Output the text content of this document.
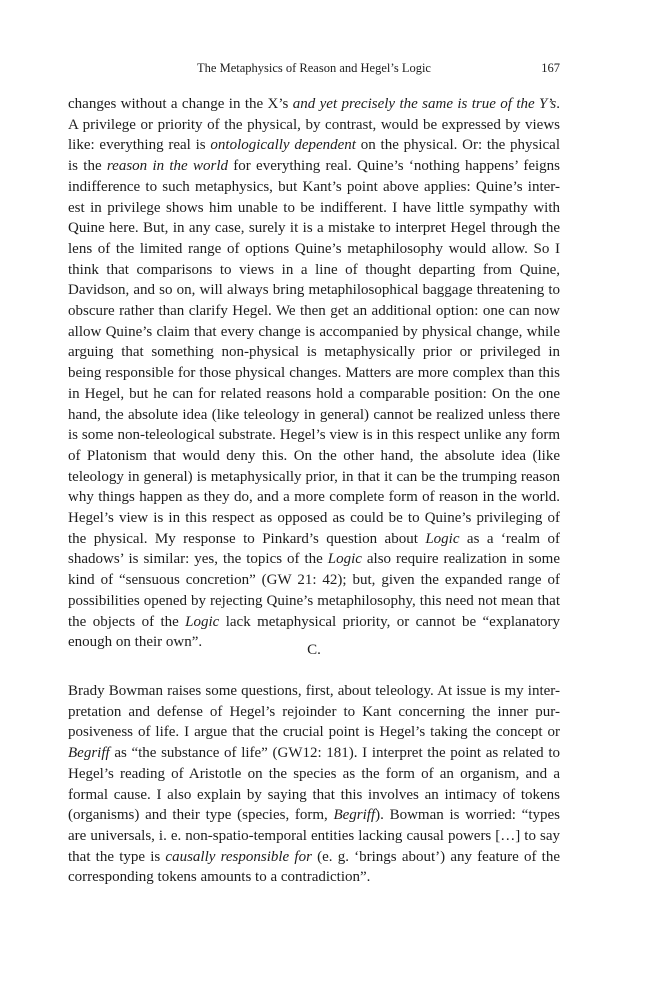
The Metaphysics of Reason and Hegel’s Logic	167

changes without a change in the X’s and yet precisely the same is true of the Y’s. A privilege or priority of the physical, by contrast, would be expressed by views like: everything real is ontologically dependent on the physical. Or: the physical is the reason in the world for everything real. Quine’s ‘nothing happens’ feigns indifference to such metaphysics, but Kant’s point above applies: Quine’s inter-est in privilege shows him unable to be indifferent. I have little sympathy with Quine here. But, in any case, surely it is a mistake to interpret Hegel through the lens of the limited range of options Quine’s metaphilosophy would allow. So I think that comparisons to views in a line of thought departing from Quine, Davidson, and so on, will always bring metaphilosophical baggage threatening to obscure rather than clarify Hegel. We then get an additional option: one can now allow Quine’s claim that every change is accompanied by physical change, while arguing that something non-physical is metaphysically prior or privileged in being responsible for those physical changes. Matters are more complex than this in Hegel, but he can for related reasons hold a comparable position: On the one hand, the absolute idea (like teleology in general) cannot be realized unless there is some non-teleological substrate. Hegel’s view is in this respect unlike any form of Platonism that would deny this. On the other hand, the absolute idea (like teleology in general) is metaphysically prior, in that it can be the trumping reason why things happen as they do, and a more complete form of reason in the world. Hegel’s view is in this respect as opposed as could be to Quine’s privileging of the physical. My response to Pinkard’s question about Logic as a ‘realm of shadows’ is similar: yes, the topics of the Logic also require realization in some kind of “sensuous concretion” (GW 21: 42); but, given the expanded range of possibilities opened by rejecting Quine’s metaphilosophy, this need not mean that the objects of the Logic lack metaphysical priority, or cannot be “explanatory enough on their own”.	C.

Brady Bowman raises some questions, first, about teleology. At issue is my inter-pretation and defense of Hegel’s rejoinder to Kant concerning the inner pur-posiveness of life. I argue that the crucial point is Hegel’s taking the concept or Begriff as “the substance of life” (GW12: 181). I interpret the point as related to Hegel’s reading of Aristotle on the species as the form of an organism, and a formal cause. I also explain by saying that this involves an intimacy of tokens (organisms) and their type (species, form, Begriff). Bowman is worried: “types are universals, i. e. non-spatio-temporal entities lacking causal powers […] to say that the type is causally responsible for (e. g. ‘brings about’) any feature of the corresponding tokens amounts to a contradiction”.
